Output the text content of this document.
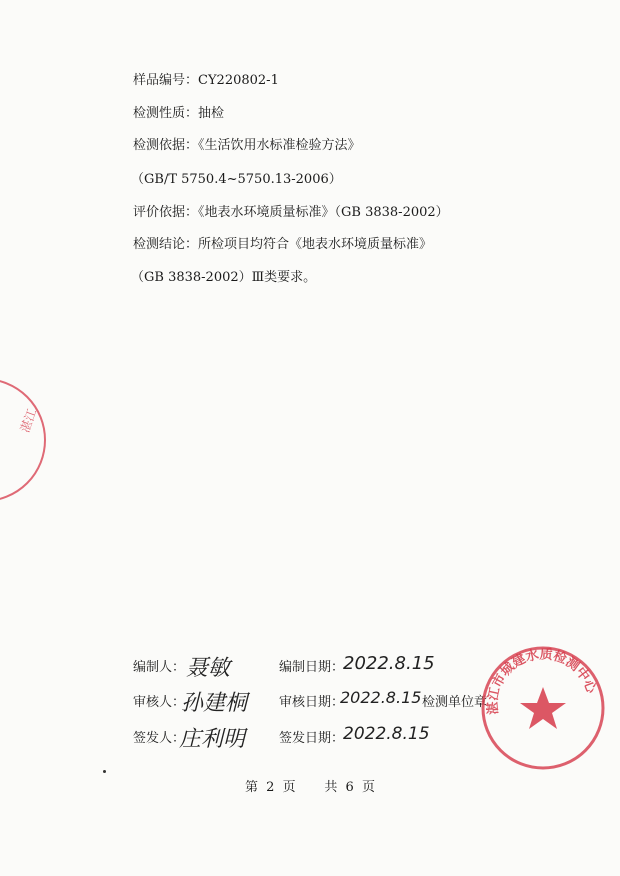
样品编号：CY220802-1
检测性质：抽检
检测依据：《生活饮用水标准检验方法》
（GB/T 5750.4~5750.13-2006）
评价依据：《地表水环境质量标准》（GB 3838-2002）
检测结论：所检项目均符合《地表水环境质量标准》
（GB 3838-2002）Ⅲ类要求。
湛江
编制人： 聂敏	编制日期：
2022.8.15
审核人：
孙建桐 审核日期：
2022.8.15 检测单位章
签发人：
庄利明	签发日期：
2022.8.15
湛江市城建水质检测中心
第 2 页 共 6 页
